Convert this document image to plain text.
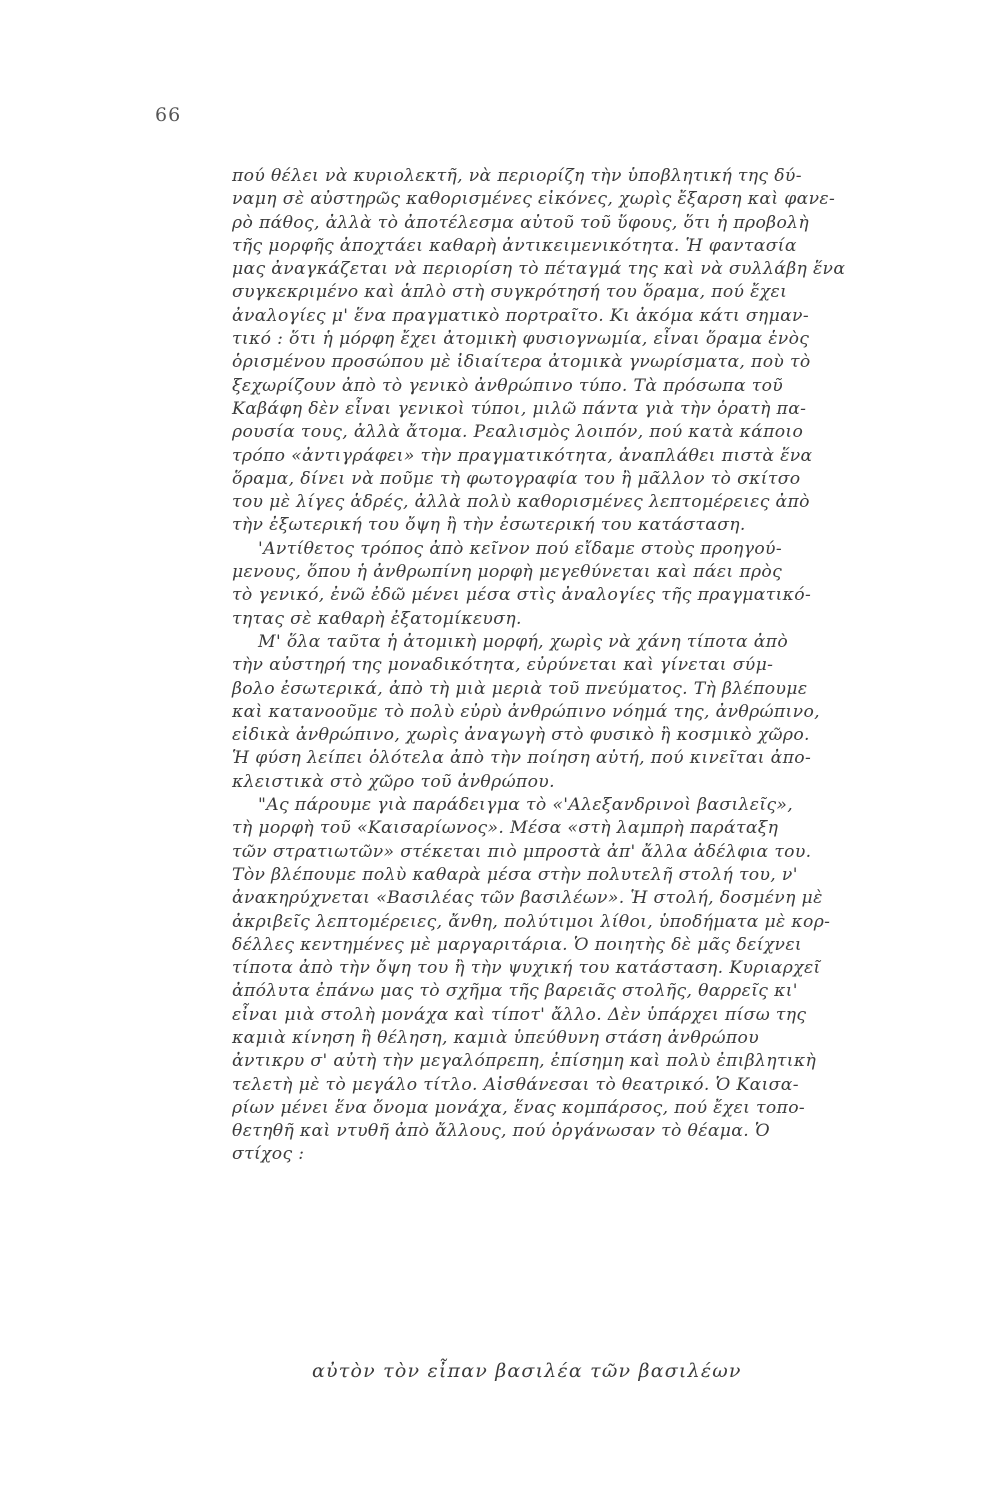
66
πού θέλει νὰ κυριολεκτῆ, νὰ περιορίζη τὴν ὑποβλητική της δύ-
ναμη σὲ αὐστηρῶς καθορισμένες εἰκόνες, χωρὶς ἔξαρση καὶ φανε-
ρὸ πάθος, ἀλλὰ τὸ ἀποτέλεσμα αὐτοῦ τοῦ ὕφους, ὅτι ἡ προβολὴ
τῆς μορφῆς ἀποχτάει καθαρὴ ἀντικειμενικότητα. Ἡ φαντασία
μας ἀναγκάζεται νὰ περιορίση τὸ πέταγμά της καὶ νὰ συλλάβη ἕνα
συγκεκριμένο καὶ ἁπλὸ στὴ συγκρότησή του ὅραμα, πού ἔχει
ἀναλογίες μ' ἕνα πραγματικὸ πορτραῖτο. Κι ἀκόμα κάτι σημαν-
τικό : ὅτι ἡ μόρφη ἔχει ἀτομικὴ φυσιογνωμία, εἶναι ὅραμα ἑνὸς
ὁρισμένου προσώπου μὲ ἰδιαίτερα ἀτομικὰ γνωρίσματα, ποὺ τὸ
ξεχωρίζουν ἀπὸ τὸ γενικὸ ἀνθρώπινο τύπο. Τὰ πρόσωπα τοῦ
Καβάφη δὲν εἶναι γενικοὶ τύποι, μιλῶ πάντα γιὰ τὴν ὁρατὴ πα-
ρουσία τους, ἀλλὰ ἄτομα. Ρεαλισμὸς λοιπόν, πού κατὰ κάποιο
τρόπο «ἀντιγράφει» τὴν πραγματικότητα, ἀναπλάθει πιστὰ ἕνα
ὅραμα, δίνει νὰ ποῦμε τὴ φωτογραφία του ἢ μᾶλλον τὸ σκίτσο
του μὲ λίγες ἁδρές, ἀλλὰ πολὺ καθορισμένες λεπτομέρειες ἀπὸ
τὴν ἐξωτερική του ὄψη ἢ τὴν ἐσωτερική του κατάσταση.
'Αντίθετος τρόπος ἀπὸ κεῖνον πού εἴδαμε στοὺς προηγού-
μενους, ὅπου ἡ ἀνθρωπίνη μορφὴ μεγεθύνεται καὶ πάει πρὸς
τὸ γενικό, ἐνῶ ἐδῶ μένει μέσα στὶς ἀναλογίες τῆς πραγματικό-
τητας σὲ καθαρὴ ἐξατομίκευση.
Μ' ὅλα ταῦτα ἡ ἀτομικὴ μορφή, χωρὶς νὰ χάνη τίποτα ἀπὸ
τὴν αὐστηρή της μοναδικότητα, εὐρύνεται καὶ γίνεται σύμ-
βολο ἐσωτερικά, ἀπὸ τὴ μιὰ μεριὰ τοῦ πνεύματος. Τὴ βλέπουμε
καὶ κατανοοῦμε τὸ πολὺ εὐρὺ ἀνθρώπινο νόημά της, ἀνθρώπινο,
εἰδικὰ ἀνθρώπινο, χωρὶς ἀναγωγὴ στὸ φυσικὸ ἢ κοσμικὸ χῶρο.
Ἡ φύση λείπει ὁλότελα ἀπὸ τὴν ποίηση αὐτή, πού κινεῖται ἀπο-
κλειστικὰ στὸ χῶρο τοῦ ἀνθρώπου.
"Ας πάρουμε γιὰ παράδειγμα τὸ «'Αλεξανδρινοὶ βασιλεῖς»,
τὴ μορφὴ τοῦ «Καισαρίωνος». Μέσα «στὴ λαμπρὴ παράταξη
τῶν στρατιωτῶν» στέκεται πιὸ μπροστὰ ἀπ' ἄλλα ἀδέλφια του.
Τὸν βλέπουμε πολὺ καθαρὰ μέσα στὴν πολυτελῆ στολή του, ν'
ἀνακηρύχνεται «Βασιλέας τῶν βασιλέων». Ἡ στολή, δοσμένη μὲ
ἀκριβεῖς λεπτομέρειες, ἄνθη, πολύτιμοι λίθοι, ὑποδήματα μὲ κορ-
δέλλες κεντημένες μὲ μαργαριτάρια. Ὁ ποιητὴς δὲ μᾶς δείχνει
τίποτα ἀπὸ τὴν ὄψη του ἢ τὴν ψυχική του κατάσταση. Κυριαρχεῖ
ἀπόλυτα ἐπάνω μας τὸ σχῆμα τῆς βαρειᾶς στολῆς, θαρρεῖς κι'
εἶναι μιὰ στολὴ μονάχα καὶ τίποτ' ἄλλο. Δὲν ὑπάρχει πίσω της
καμιὰ κίνηση ἢ θέληση, καμιὰ ὑπεύθυνη στάση ἀνθρώπου
ἀντικρυ σ' αὐτὴ τὴν μεγαλόπρεπη, ἐπίσημη καὶ πολὺ ἐπιβλητικὴ
τελετὴ μὲ τὸ μεγάλο τίτλο. Αἰσθάνεσαι τὸ θεατρικό. Ὁ Καισα-
ρίων μένει ἕνα ὄνομα μονάχα, ἕνας κομπάρσος, πού ἔχει τοπο-
θετηθῆ καὶ ντυθῆ ἀπὸ ἄλλους, πού ὀργάνωσαν τὸ θέαμα. Ὁ
στίχος :
αὐτὸν τὸν εἶπαν βασιλέα τῶν βασιλέων
